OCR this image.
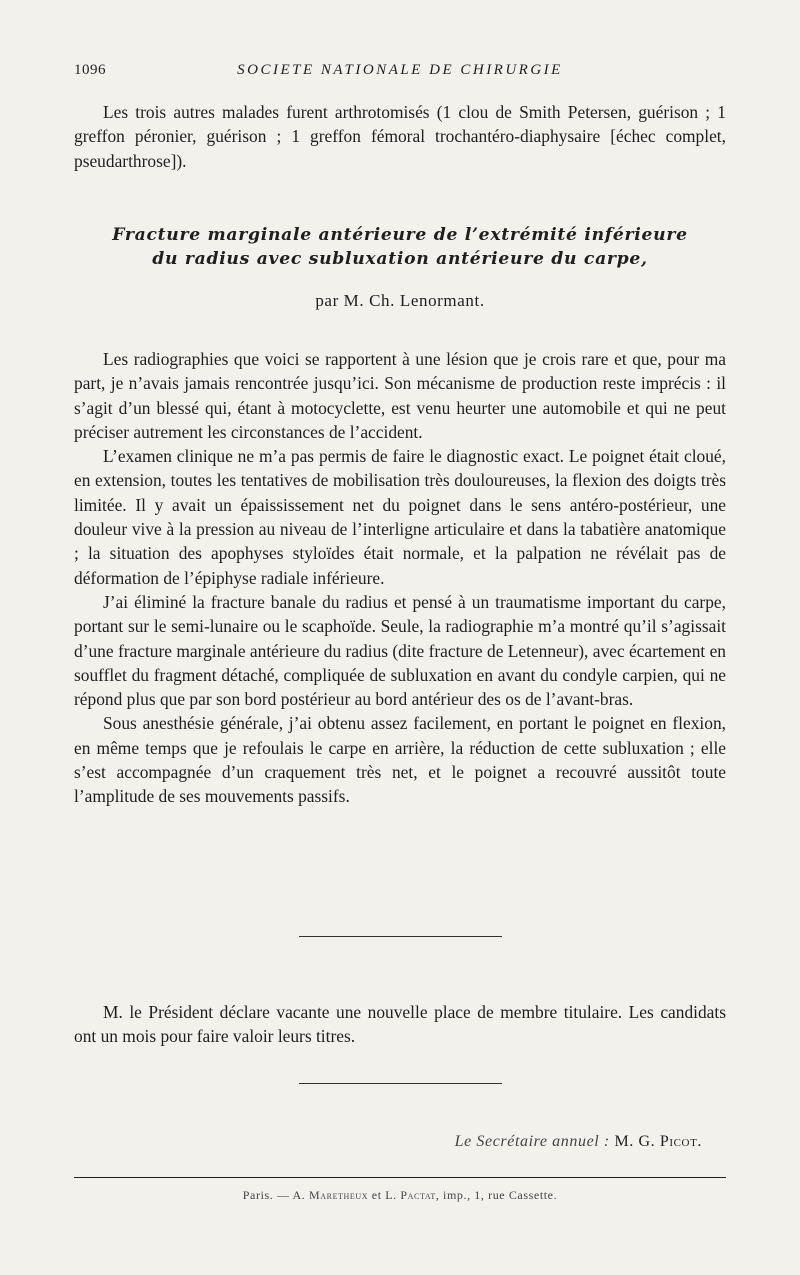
1096	SOCIETE NATIONALE DE CHIRURGIE

Les trois autres malades furent arthrotomisés (1 clou de Smith Petersen, guérison ; 1 greffon péronier, guérison ; 1 greffon fémoral trochantéro-diaphysaire [échec complet, pseudarthrose]).

Fracture marginale antérieure de l’extrémité inférieure
du radius avec subluxation antérieure du carpe,
par M. Ch. Lenormant.

Les radiographies que voici se rapportent à une lésion que je crois rare et que, pour ma part, je n’avais jamais rencontrée jusqu’ici. Son mécanisme de production reste imprécis : il s’agit d’un blessé qui, étant à motocyclette, est venu heurter une automobile et qui ne peut préciser autrement les circonstances de l’accident.

L’examen clinique ne m’a pas permis de faire le diagnostic exact. Le poignet était cloué, en extension, toutes les tentatives de mobilisation très douloureuses, la flexion des doigts très limitée. Il y avait un épaississement net du poignet dans le sens antéro-postérieur, une douleur vive à la pression au niveau de l’interligne articulaire et dans la tabatière anatomique ; la situation des apophyses styloïdes était normale, et la palpation ne révélait pas de déformation de l’épiphyse radiale inférieure.

J’ai éliminé la fracture banale du radius et pensé à un traumatisme important du carpe, portant sur le semi-lunaire ou le scaphoïde. Seule, la radiographie m’a montré qu’il s’agissait d’une fracture marginale antérieure du radius (dite fracture de Letenneur), avec écartement en soufflet du fragment détaché, compliquée de subluxation en avant du condyle carpien, qui ne répond plus que par son bord postérieur au bord antérieur des os de l’avant-bras.

Sous anesthésie générale, j’ai obtenu assez facilement, en portant le poignet en flexion, en même temps que je refoulais le carpe en arrière, la réduction de cette subluxation ; elle s’est accompagnée d’un craquement très net, et le poignet a recouvré aussitôt toute l’amplitude de ses mouvements passifs.

M. le Président déclare vacante une nouvelle place de membre titulaire. Les candidats ont un mois pour faire valoir leurs titres.

Le Secrétaire annuel : M. G. Picot.
Paris. — A. Maretheux et L. Pactat, imp., 1, rue Cassette.
